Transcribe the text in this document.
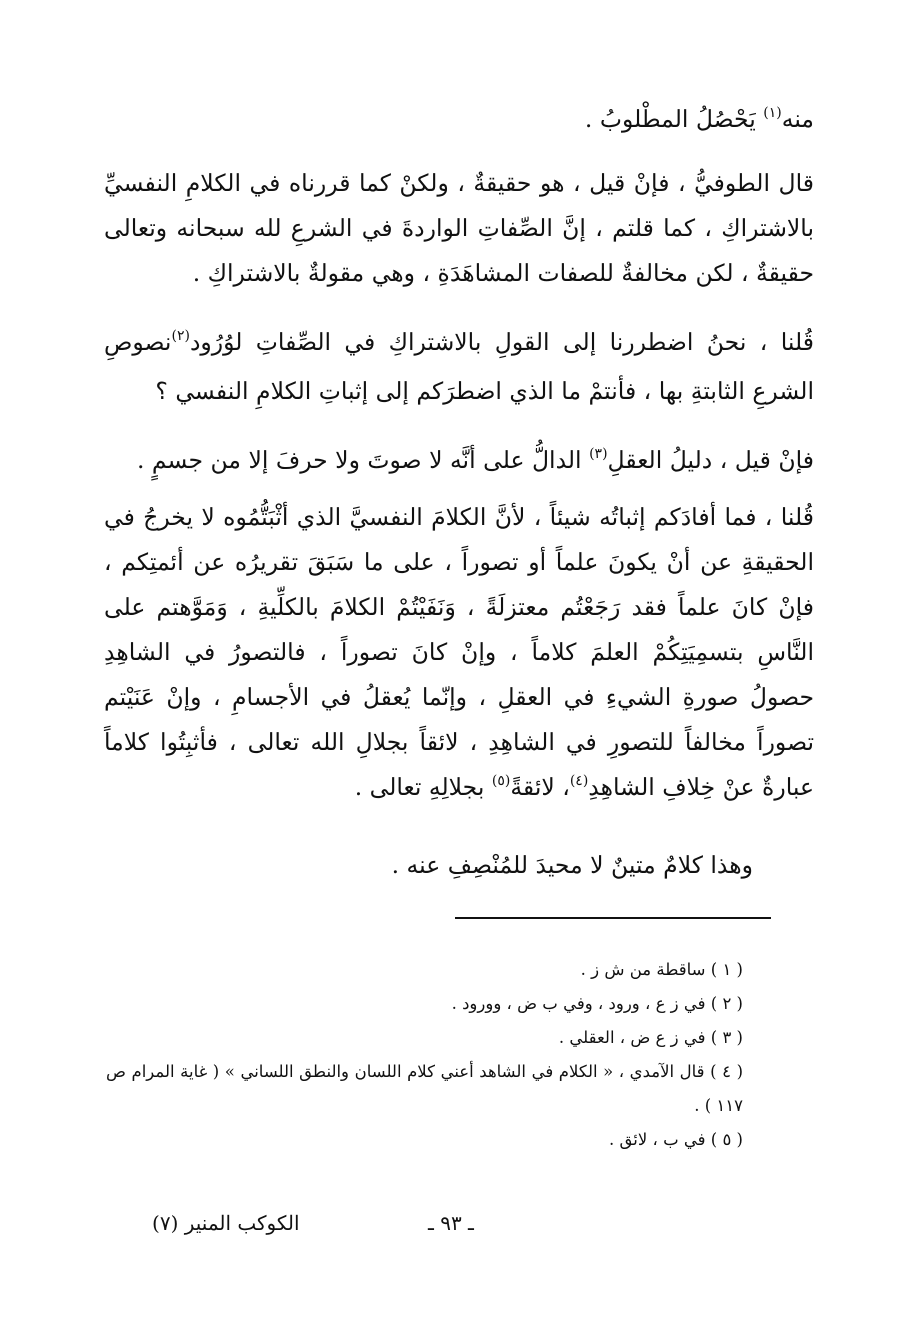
منه$^{(١)}$ يَحْصُلُ المطْلوبُ .

قال الطوفيُّ ، فإنْ قيل ، هو حقيقةٌ ، ولكنْ كما قررناه في الكلامِ النفسيِّ بالاشتراكِ ، كما قلتم ، إنَّ الصِّفاتِ الواردةَ في الشرعِ لله سبحانه وتعالى حقيقةٌ ، لكن مخالفةٌ للصفات المشاهَدَةِ ، وهي مقولةٌ بالاشتراكِ .

قُلنا ، نحنُ اضطررنا إلى القولِ بالاشتراكِ في الصِّفاتِ لوُرُود$^{(٢)}$نصوصِ الشرعِ الثابتةِ بها ، فأنتمْ ما الذي اضطرَكم إلى إثباتِ الكلامِ النفسي ؟

فإنْ قيل ، دليلُ العقلِ$^{(٣)}$ الدالُّ على أنَّه لا صوتَ ولا حرفَ إلا من جسمٍ .

قُلنا ، فما أفادَكم إثباتُه شيئاً ، لأنَّ الكلامَ النفسيَّ الذي أثْبَتُّمُوه لا يخرجُ في الحقيقةِ عن أنْ يكونَ علماً أو تصوراً ، على ما سَبَقَ تقريرُه عن أئمتِكم ، فإنْ كانَ علماً فقد رَجَعْتُم معتزلَةً ، وَنَفَيْتُمْ الكلامَ بالكلِّيةِ ، وَمَوَّهتم على النَّاسِ بتسمِيَتِكُمْ العلمَ كلاماً ، وإنْ كانَ تصوراً ، فالتصورُ في الشاهِدِ حصولُ صورةِ الشيءِ في العقلِ ، وإنّما يُعقلُ في الأجسامِ ، وإنْ عَنَيْتم تصوراً مخالفاً للتصورِ في الشاهِدِ ، لائقاً بجلالِ الله تعالى ، فأثبِتُوا كلاماً عبارةٌ عنْ خِلافِ الشاهِدِ$^{(٤)}$، لائقةً$^{(٥)}$ بجلالِهِ تعالى .

وهذا كلامٌ متينٌ لا محيدَ للمُنْصِفِ عنه .

( ١ ) ساقطة من ش ز .

( ٢ ) في ز ع ، ورود ، وفي ب ض ، وورود .

( ٣ ) في ز ع ض ، العقلي .

( ٤ ) قال الآمدي ، « الكلام في الشاهد أعني كلام اللسان والنطق اللساني » ( غاية المرام ص ١١٧ ) .

( ٥ ) في ب ، لائق .

ـ ٩٣ ـ

الكوكب المنير (٧)
